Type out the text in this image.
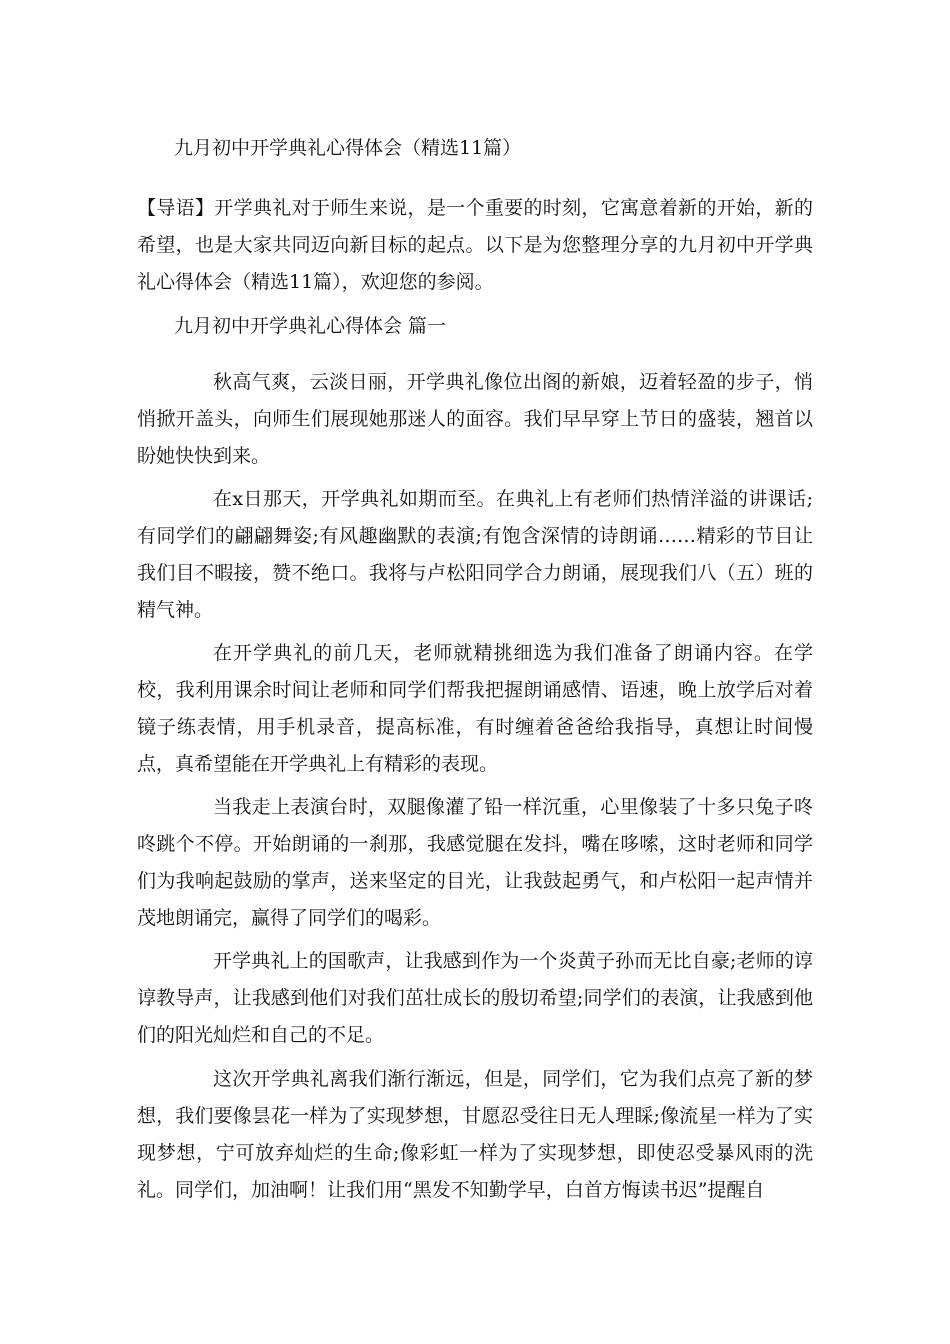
九月初中开学典礼心得体会（精选11篇）

【导语】开学典礼对于师生来说，是一个重要的时刻，它寓意着新的开始，新的希望，也是大家共同迈向新目标的起点。以下是为您整理分享的九月初中开学典礼心得体会（精选11篇），欢迎您的参阅。

九月初中开学典礼心得体会 篇一

秋高气爽，云淡日丽，开学典礼像位出阁的新娘，迈着轻盈的步子，悄悄掀开盖头，向师生们展现她那迷人的面容。我们早早穿上节日的盛装，翘首以盼她快快到来。

在x日那天，开学典礼如期而至。在典礼上有老师们热情洋溢的讲课话;有同学们的翩翩舞姿;有风趣幽默的表演;有饱含深情的诗朗诵……精彩的节目让我们目不暇接，赞不绝口。我将与卢松阳同学合力朗诵，展现我们八（五）班的精气神。

在开学典礼的前几天，老师就精挑细选为我们准备了朗诵内容。在学校，我利用课余时间让老师和同学们帮我把握朗诵感情、语速，晚上放学后对着镜子练表情，用手机录音，提高标准，有时缠着爸爸给我指导，真想让时间慢点，真希望能在开学典礼上有精彩的表现。

当我走上表演台时，双腿像灌了铅一样沉重，心里像装了十多只兔子咚咚跳个不停。开始朗诵的一刹那，我感觉腿在发抖，嘴在哆嗦，这时老师和同学们为我响起鼓励的掌声，送来坚定的目光，让我鼓起勇气，和卢松阳一起声情并茂地朗诵完，赢得了同学们的喝彩。

开学典礼上的国歌声，让我感到作为一个炎黄子孙而无比自豪;老师的谆谆教导声，让我感到他们对我们茁壮成长的殷切希望;同学们的表演，让我感到他们的阳光灿烂和自己的不足。

这次开学典礼离我们渐行渐远，但是，同学们，它为我们点亮了新的梦想，我们要像昙花一样为了实现梦想，甘愿忍受往日无人理睬;像流星一样为了实现梦想，宁可放弃灿烂的生命;像彩虹一样为了实现梦想，即使忍受暴风雨的洗礼。同学们，加油啊！让我们用“黑发不知勤学早，白首方悔读书迟”提醒自
